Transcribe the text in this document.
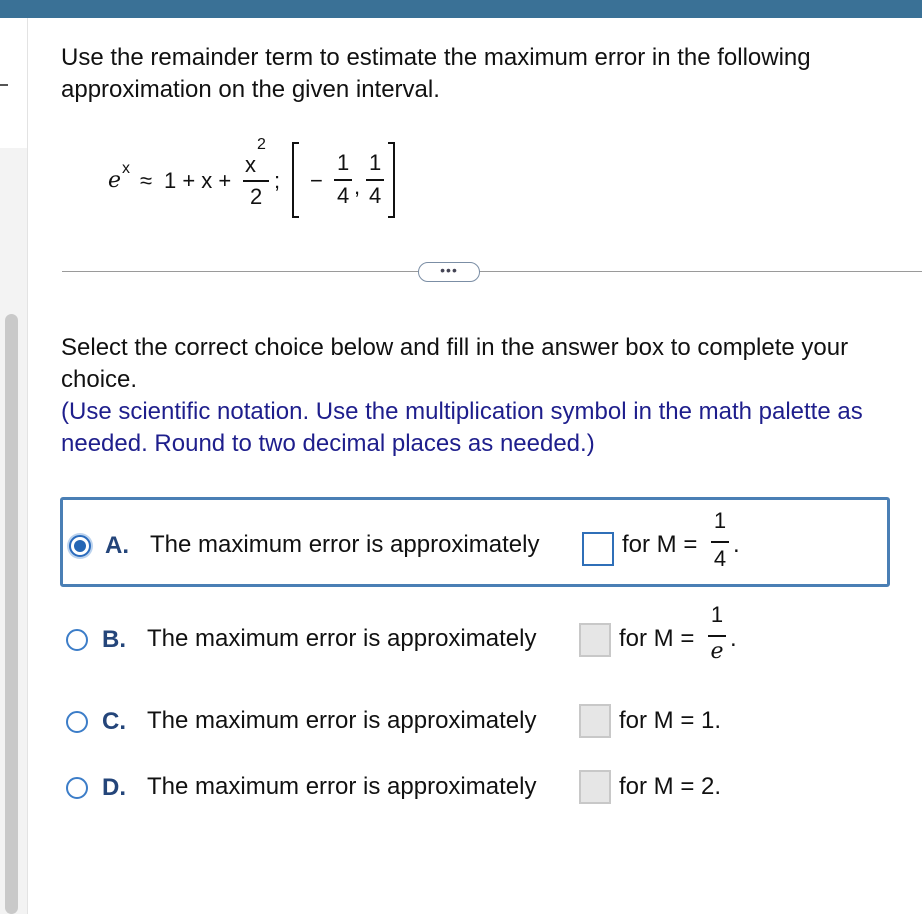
Use the remainder term to estimate the maximum error in the following approximation on the given interval.
e x ≈ 1 + x +
x
2
2
; −
1
4 ,
1
4
•••
Select the correct choice below and fill in the answer box to complete your choice.
(Use scientific notation. Use the multiplication symbol in the math palette as needed. Round to two decimal places as needed.)
A. The maximum error is approximately	for M =
1
4
.
B. The maximum error is approximately	for M =
1
e .
C. The maximum error is approximately	for M = 1.
D. The maximum error is approximately	for M = 2.
